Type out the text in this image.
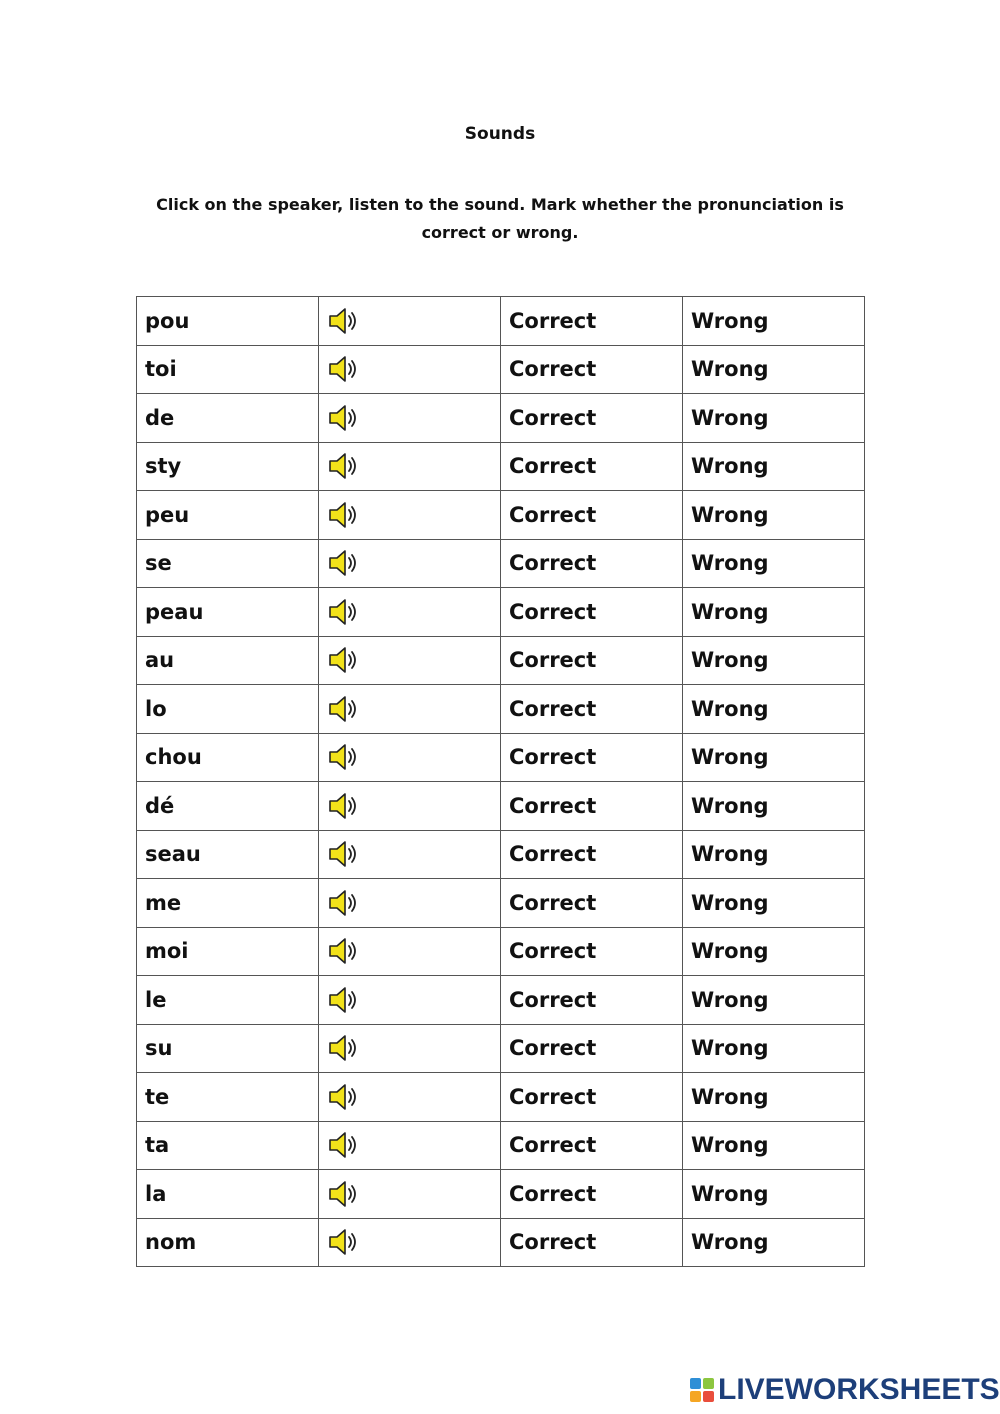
Sounds
Click on the speaker, listen to the sound. Mark whether the pronunciation is correct or wrong.
pou		Correct	Wrong
toi		Correct	Wrong
de		Correct	Wrong
sty		Correct	Wrong
peu		Correct	Wrong
se		Correct	Wrong
peau		Correct	Wrong
au		Correct	Wrong
lo		Correct	Wrong
chou		Correct	Wrong
dé		Correct	Wrong
seau		Correct	Wrong
me		Correct	Wrong
moi		Correct	Wrong
le		Correct	Wrong
su		Correct	Wrong
te		Correct	Wrong
ta		Correct	Wrong
la		Correct	Wrong
nom		Correct	Wrong
LIVEWORKSHEETS
